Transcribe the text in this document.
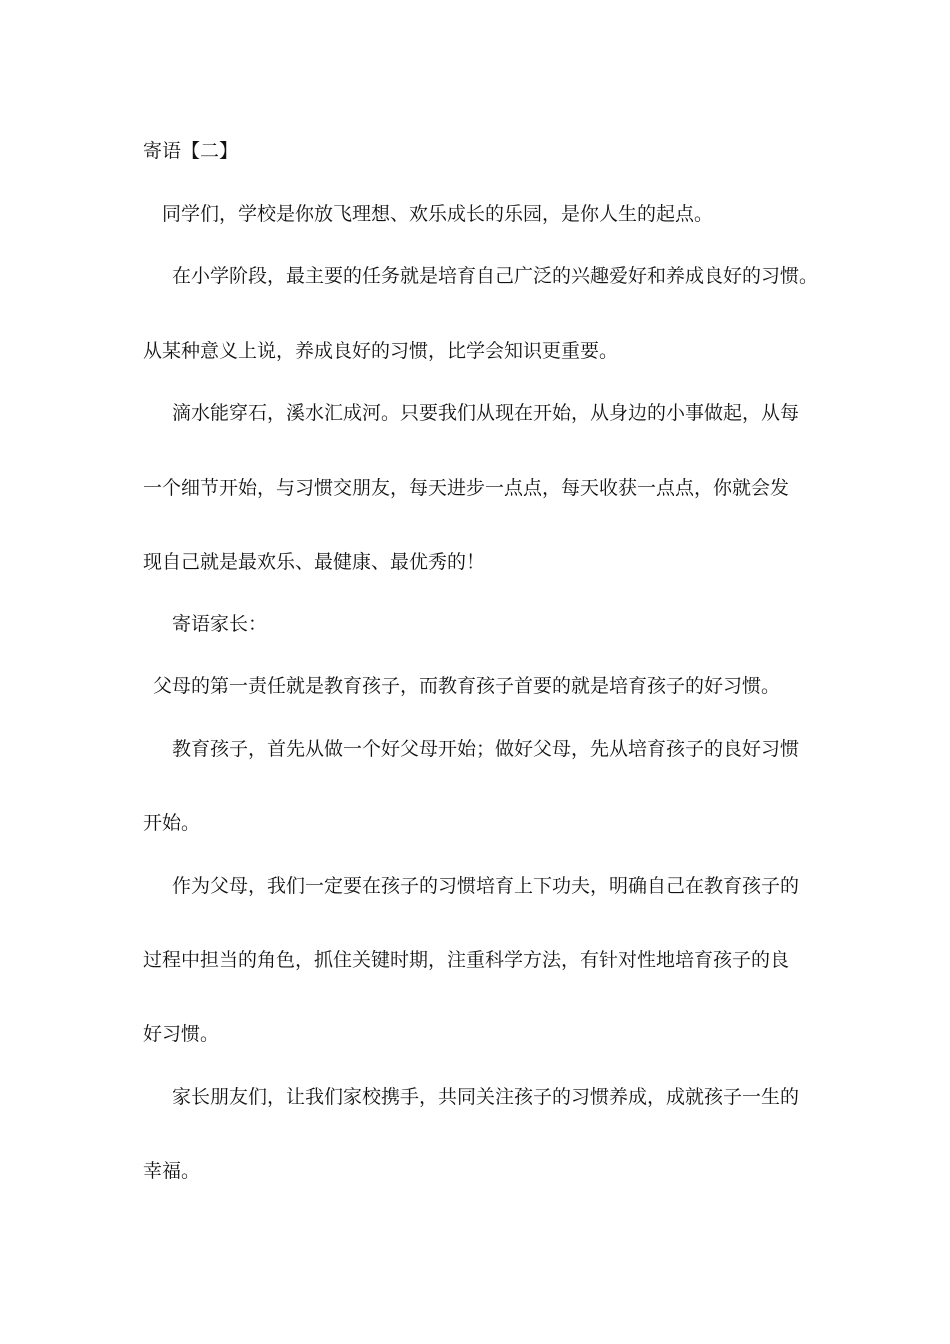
寄语【二】
同学们，学校是你放飞理想、欢乐成长的乐园，是你人生的起点。
在小学阶段，最主要的任务就是培育自己广泛的兴趣爱好和养成良好的习惯。
从某种意义上说，养成良好的习惯，比学会知识更重要。
滴水能穿石，溪水汇成河。只要我们从现在开始，从身边的小事做起，从每
一个细节开始，与习惯交朋友，每天进步一点点，每天收获一点点，你就会发
现自己就是最欢乐、最健康、最优秀的！
寄语家长：
父母的第一责任就是教育孩子，而教育孩子首要的就是培育孩子的好习惯。
教育孩子，首先从做一个好父母开始；做好父母，先从培育孩子的良好习惯
开始。
作为父母，我们一定要在孩子的习惯培育上下功夫，明确自己在教育孩子的
过程中担当的角色，抓住关键时期，注重科学方法，有针对性地培育孩子的良
好习惯。
家长朋友们，让我们家校携手，共同关注孩子的习惯养成，成就孩子一生的
幸福。
